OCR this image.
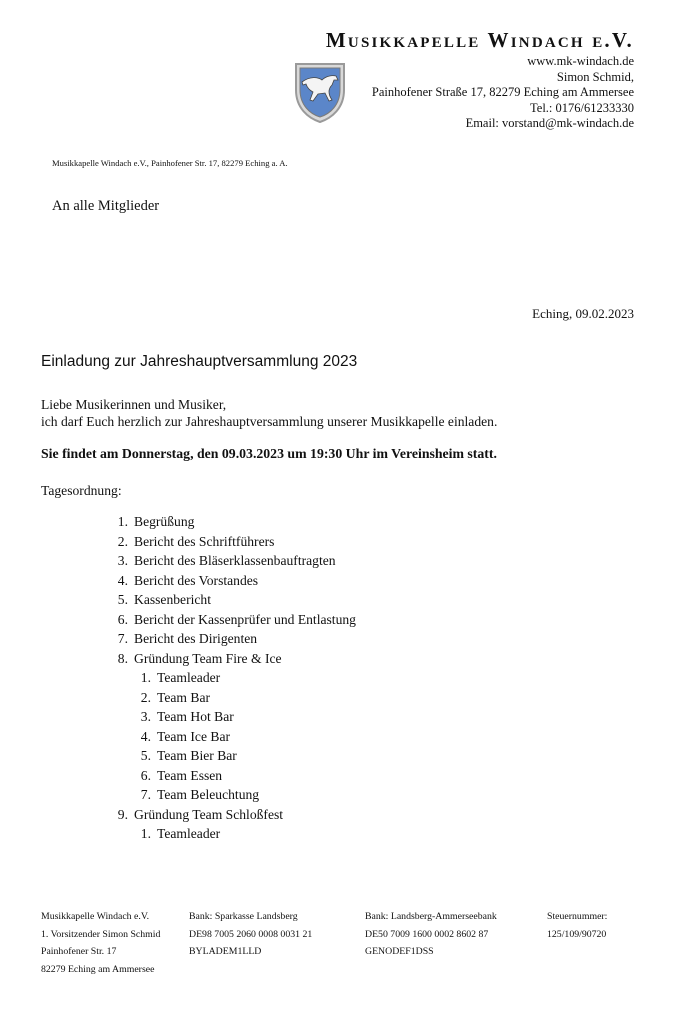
Musikkapelle Windach e.V.
www.mk-windach.de
Simon Schmid,
Painhofener Straße 17, 82279 Eching am Ammersee
Tel.: 0176/61233330
Email: vorstand@mk-windach.de
Musikkapelle Windach e.V., Painhofener Str. 17, 82279 Eching a. A.
An alle Mitglieder
Eching, 09.02.2023
Einladung zur Jahreshauptversammlung 2023
Liebe Musikerinnen und Musiker,
ich darf Euch herzlich zur Jahreshauptversammlung unserer Musikkapelle einladen.
Sie findet am Donnerstag, den 09.03.2023 um 19:30 Uhr im Vereinsheim statt.
Tagesordnung:
1. Begrüßung
2. Bericht des Schriftführers
3. Bericht des Bläserklassenbauftragten
4. Bericht des Vorstandes
5. Kassenbericht
6. Bericht der Kassenprüfer und Entlastung
7. Bericht des Dirigenten
8. Gründung Team Fire & Ice
1. Teamleader
2. Team Bar
3. Team Hot Bar
4. Team Ice Bar
5. Team Bier Bar
6. Team Essen
7. Team Beleuchtung
9. Gründung Team Schloßfest
1. Teamleader
Musikkapelle Windach e.V.
1. Vorsitzender Simon Schmid
Painhofener Str. 17
82279 Eching am Ammersee
Bank: Sparkasse Landsberg
DE98 7005 2060 0008 0031 21
BYLADEM1LLD
Bank: Landsberg-Ammerseebank
DE50 7009 1600 0002 8602 87
GENODEF1DSS
Steuernummer:
125/109/90720
